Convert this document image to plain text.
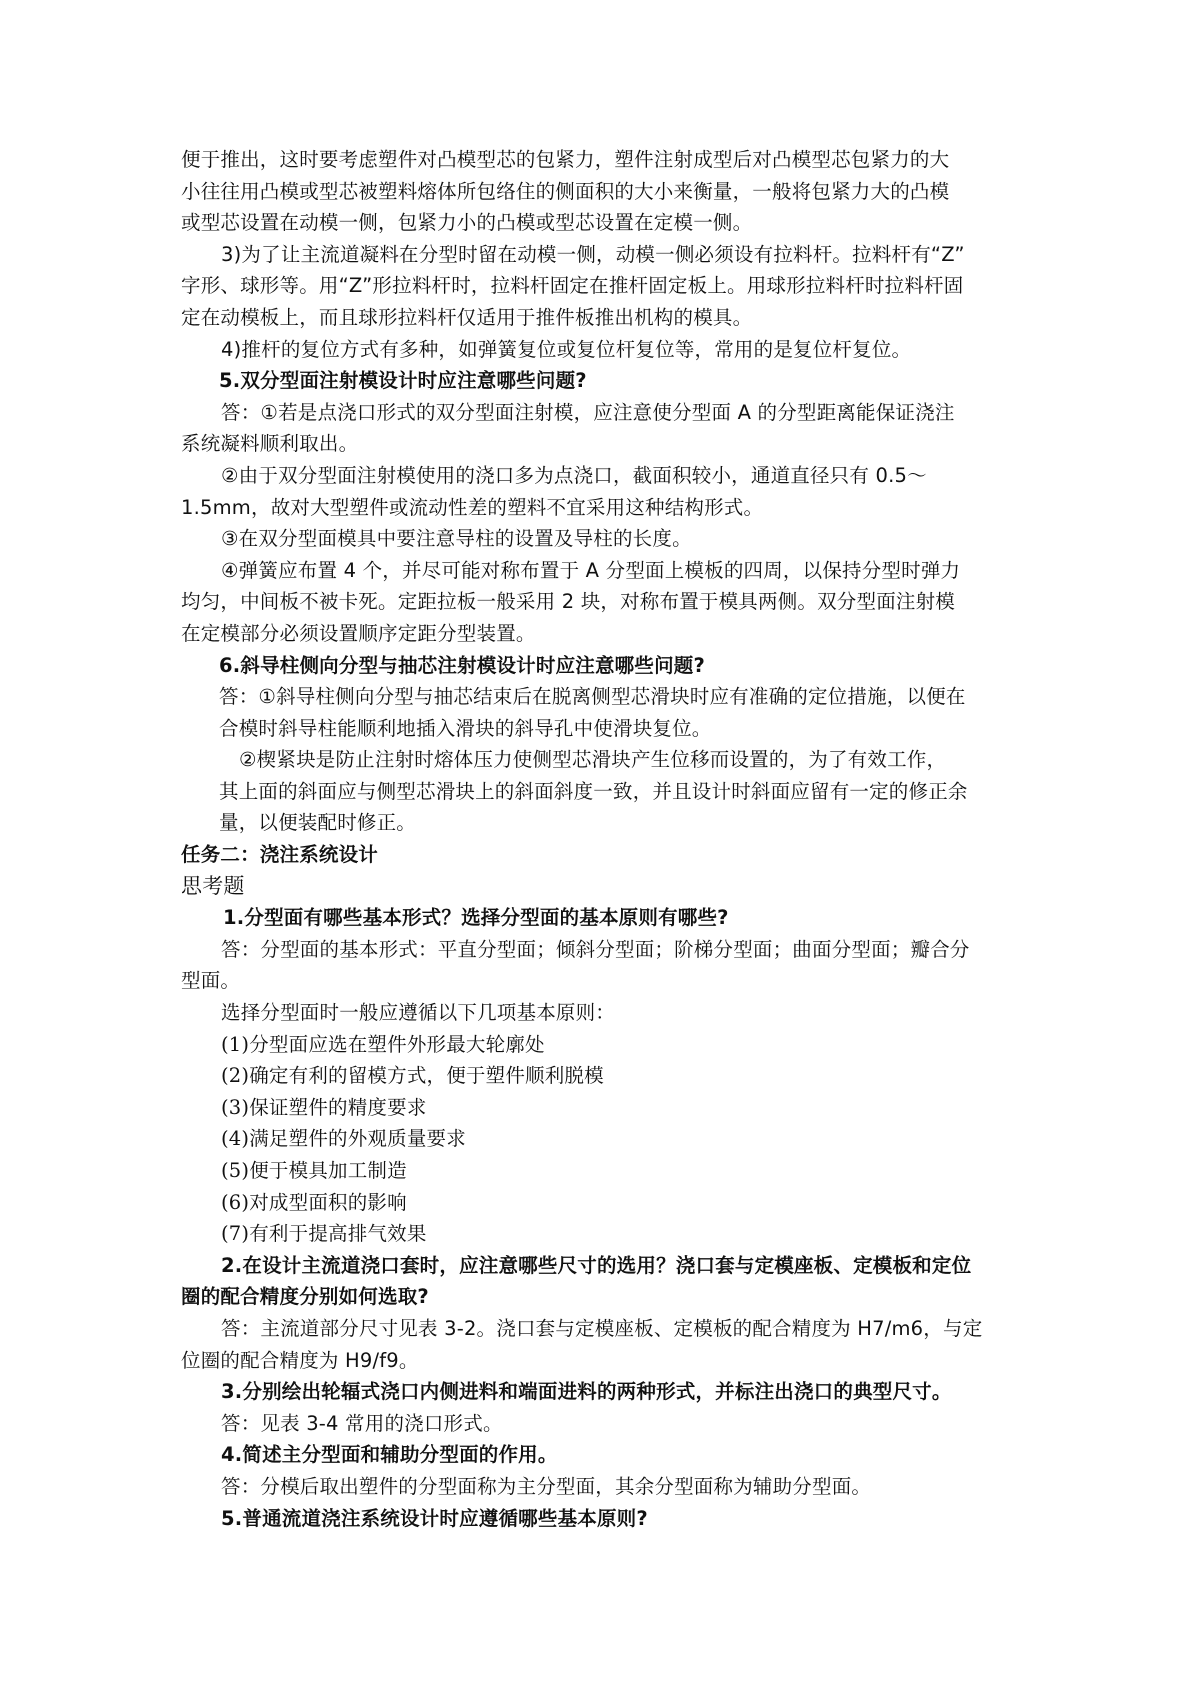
便于推出，这时要考虑塑件对凸模型芯的包紧力，塑件注射成型后对凸模型芯包紧力的大
小往往用凸模或型芯被塑料熔体所包络住的侧面积的大小来衡量，一般将包紧力大的凸模
或型芯设置在动模一侧，包紧力小的凸模或型芯设置在定模一侧。
3)为了让主流道凝料在分型时留在动模一侧，动模一侧必须设有拉料杆。拉料杆有“Z”
字形、球形等。用“Z”形拉料杆时，拉料杆固定在推杆固定板上。用球形拉料杆时拉料杆固
定在动模板上，而且球形拉料杆仅适用于推件板推出机构的模具。
4)推杆的复位方式有多种，如弹簧复位或复位杆复位等，常用的是复位杆复位。
5.双分型面注射模设计时应注意哪些问题?
答：①若是点浇口形式的双分型面注射模，应注意使分型面 A 的分型距离能保证浇注
系统凝料顺利取出。
②由于双分型面注射模使用的浇口多为点浇口，截面积较小，通道直径只有 0.5～
1.5mm，故对大型塑件或流动性差的塑料不宜采用这种结构形式。
③在双分型面模具中要注意导柱的设置及导柱的长度。
④弹簧应布置 4 个，并尽可能对称布置于 A 分型面上模板的四周，以保持分型时弹力
均匀，中间板不被卡死。定距拉板一般采用 2 块，对称布置于模具两侧。双分型面注射模
在定模部分必须设置顺序定距分型装置。
6.斜导柱侧向分型与抽芯注射模设计时应注意哪些问题?
答：①斜导柱侧向分型与抽芯结束后在脱离侧型芯滑块时应有准确的定位措施，以便在
合模时斜导柱能顺利地插入滑块的斜导孔中使滑块复位。
②楔紧块是防止注射时熔体压力使侧型芯滑块产生位移而设置的，为了有效工作，
其上面的斜面应与侧型芯滑块上的斜面斜度一致，并且设计时斜面应留有一定的修正余
量，以便装配时修正。
任务二：浇注系统设计
思考题
1.分型面有哪些基本形式？选择分型面的基本原则有哪些?
答：分型面的基本形式：平直分型面；倾斜分型面；阶梯分型面；曲面分型面；瓣合分
型面。
选择分型面时一般应遵循以下几项基本原则：
(1)分型面应选在塑件外形最大轮廓处
(2)确定有利的留模方式，便于塑件顺利脱模
(3)保证塑件的精度要求
(4)满足塑件的外观质量要求
(5)便于模具加工制造
(6)对成型面积的影响
(7)有利于提高排气效果
2.在设计主流道浇口套时，应注意哪些尺寸的选用？浇口套与定模座板、定模板和定位
圈的配合精度分别如何选取?
答：主流道部分尺寸见表 3-2。浇口套与定模座板、定模板的配合精度为 H7/m6，与定
位圈的配合精度为 H9/f9。
3.分别绘出轮辐式浇口内侧进料和端面进料的两种形式，并标注出浇口的典型尺寸。
答：见表 3-4 常用的浇口形式。
4.简述主分型面和辅助分型面的作用。
答：分模后取出塑件的分型面称为主分型面，其余分型面称为辅助分型面。
5.普通流道浇注系统设计时应遵循哪些基本原则?
